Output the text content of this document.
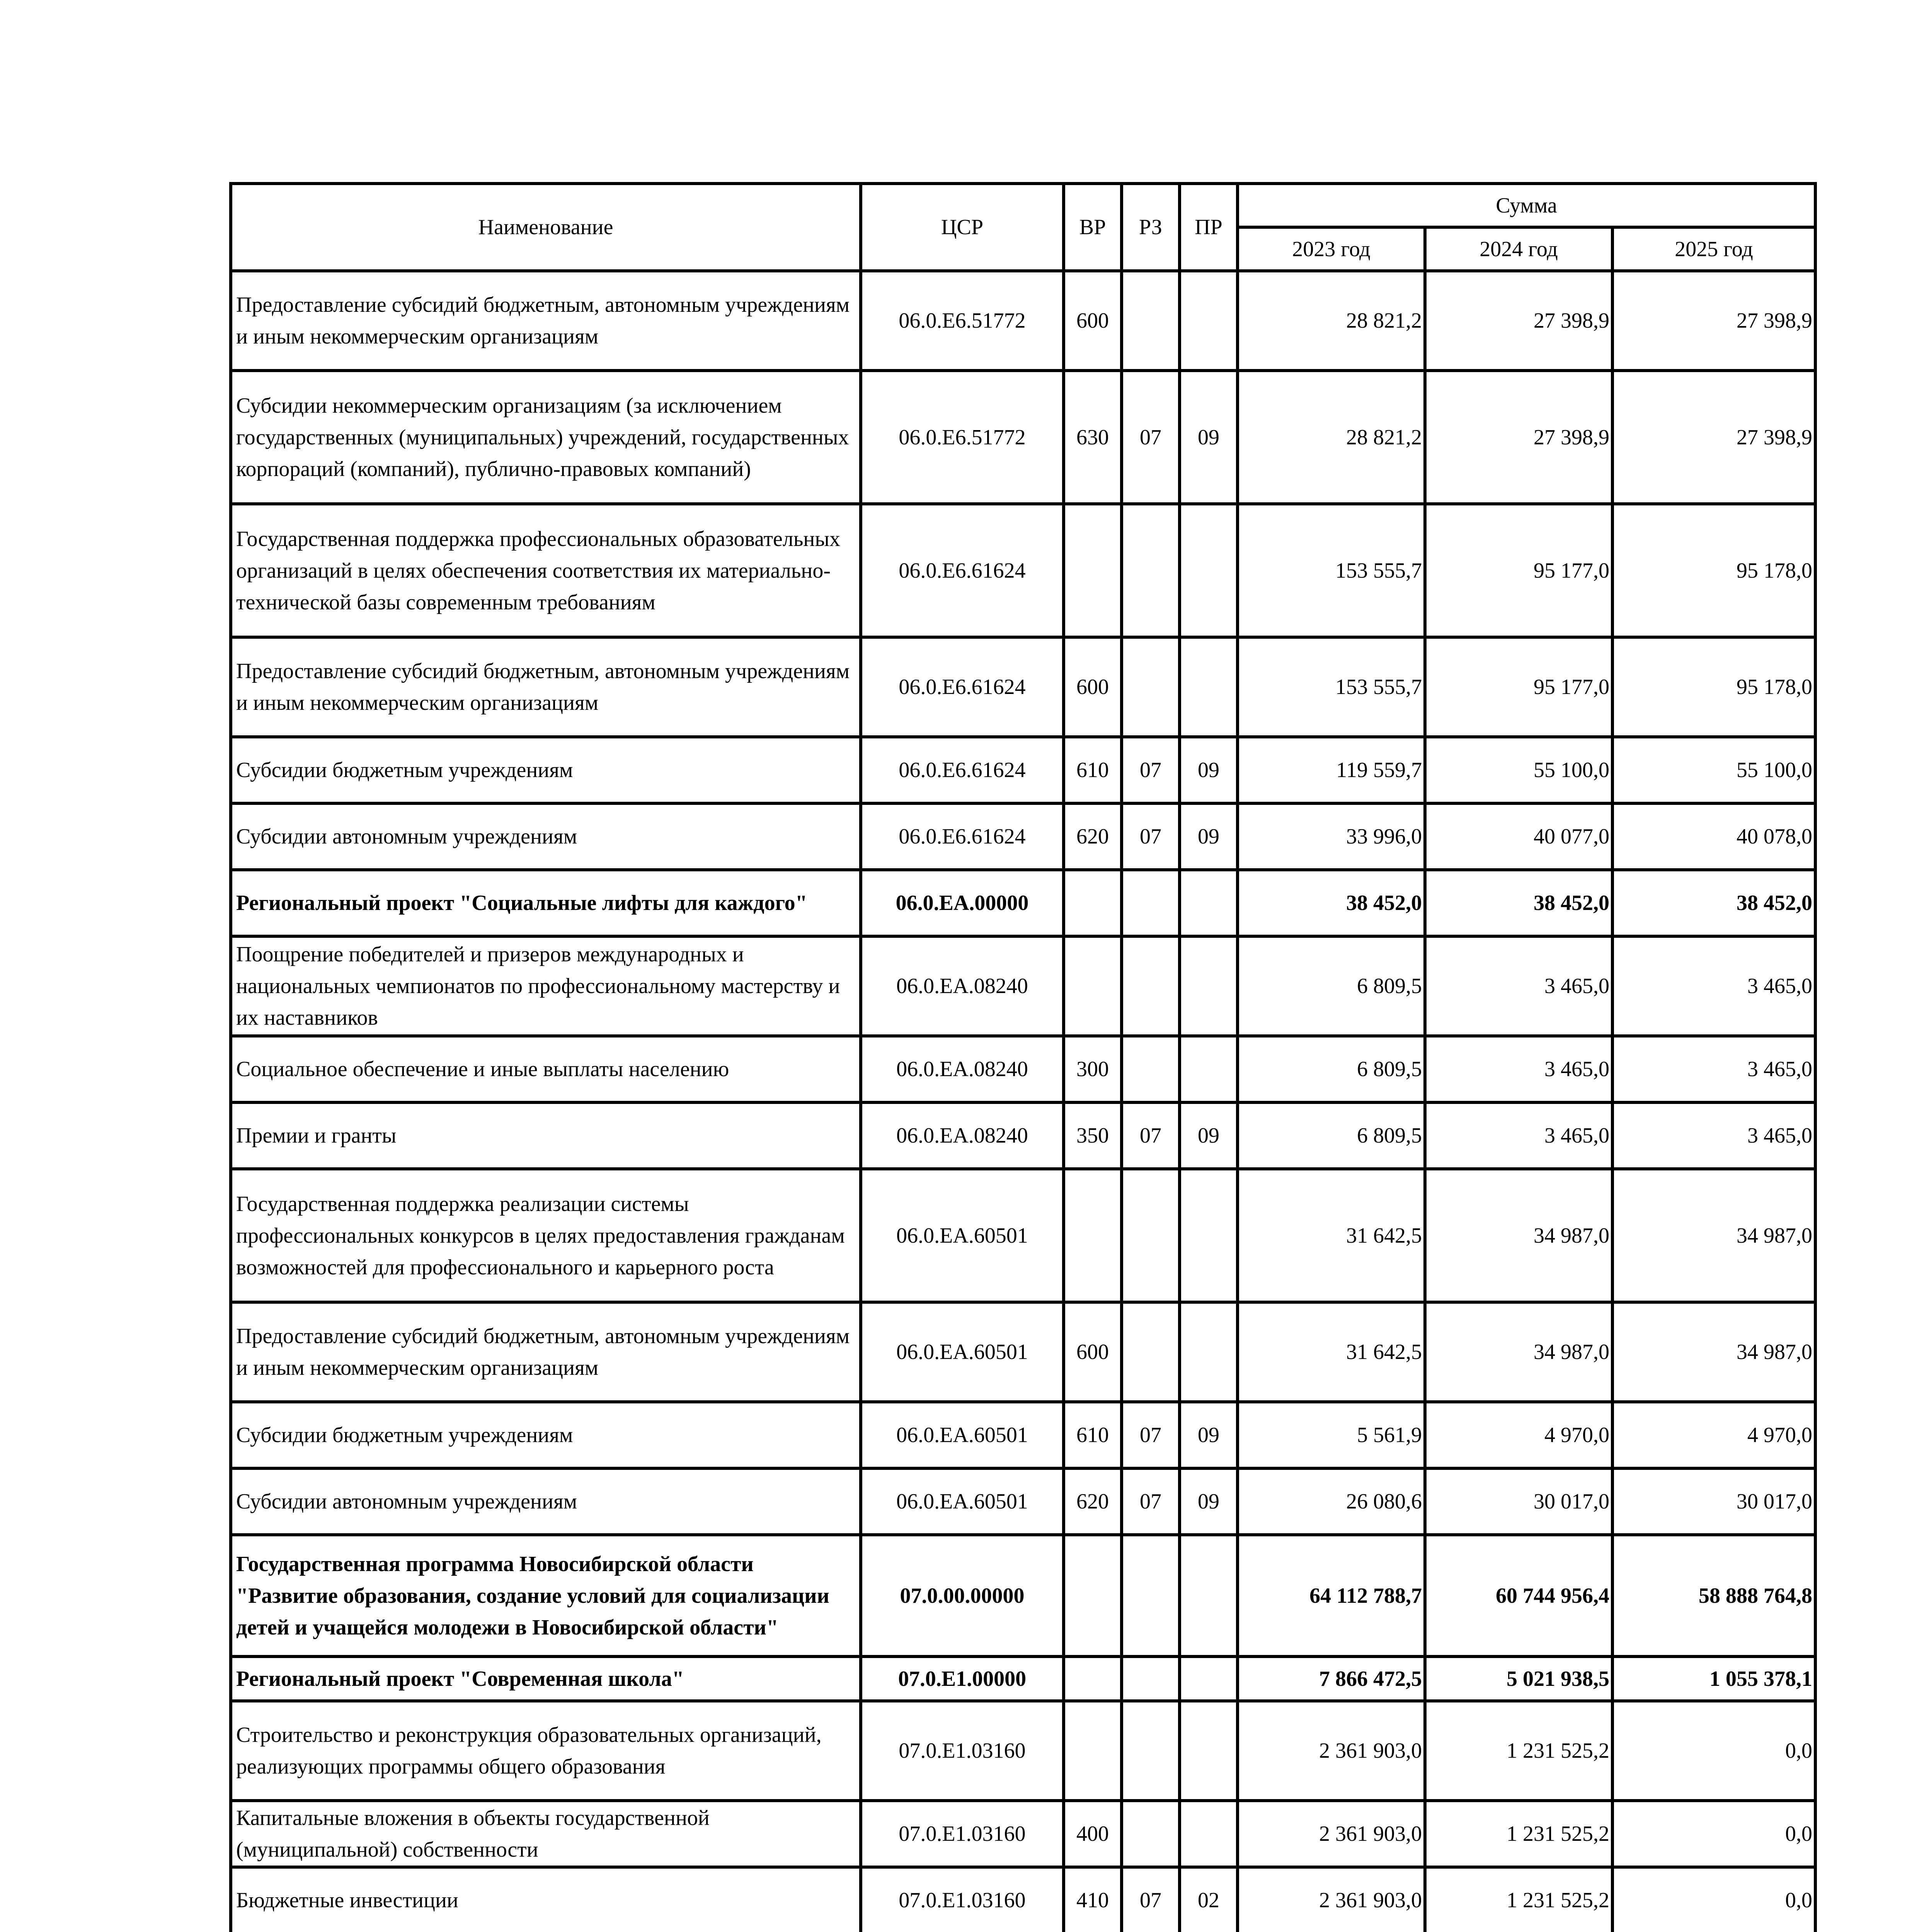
Наименование	ЦСР	ВР	РЗ	ПР	Сумма		
					2023 год	2024 год	2025 год
Предоставление субсидий бюджетным, автономным учреждениям и иным некоммерческим организациям	06.0.E6.51772	600			28 821,2	27 398,9	27 398,9
Субсидии некоммерческим организациям (за исключением государственных (муниципальных) учреждений, государственных корпораций (компаний), публично-правовых компаний)	06.0.E6.51772	630	07	09	28 821,2	27 398,9	27 398,9
Государственная поддержка профессиональных образовательных организаций в целях обеспечения соответствия их материально-технической базы современным требованиям	06.0.E6.61624				153 555,7	95 177,0	95 178,0
Предоставление субсидий бюджетным, автономным учреждениям и иным некоммерческим организациям	06.0.E6.61624	600			153 555,7	95 177,0	95 178,0
Субсидии бюджетным учреждениям	06.0.E6.61624	610	07	09	119 559,7	55 100,0	55 100,0
Субсидии автономным учреждениям	06.0.E6.61624	620	07	09	33 996,0	40 077,0	40 078,0
Региональный проект "Социальные лифты для каждого"	06.0.EA.00000				38 452,0	38 452,0	38 452,0
Поощрение победителей и призеров международных и национальных чемпионатов по профессиональному мастерству и их наставников	06.0.EA.08240				6 809,5	3 465,0	3 465,0
Социальное обеспечение и иные выплаты населению	06.0.EA.08240	300			6 809,5	3 465,0	3 465,0
Премии и гранты	06.0.EA.08240	350	07	09	6 809,5	3 465,0	3 465,0
Государственная поддержка реализации системы профессиональных конкурсов в целях предоставления гражданам возможностей для профессионального и карьерного роста	06.0.EA.60501				31 642,5	34 987,0	34 987,0
Предоставление субсидий бюджетным, автономным учреждениям и иным некоммерческим организациям	06.0.EA.60501	600			31 642,5	34 987,0	34 987,0
Субсидии бюджетным учреждениям	06.0.EA.60501	610	07	09	5 561,9	4 970,0	4 970,0
Субсидии автономным учреждениям	06.0.EA.60501	620	07	09	26 080,6	30 017,0	30 017,0
Государственная программа Новосибирской области "Развитие образования, создание условий для социализации детей и учащейся молодежи в Новосибирской области"	07.0.00.00000				64 112 788,7	60 744 956,4	58 888 764,8
Региональный проект "Современная школа"	07.0.E1.00000				7 866 472,5	5 021 938,5	1 055 378,1
Строительство и реконструкция образовательных организаций, реализующих программы общего образования	07.0.E1.03160				2 361 903,0	1 231 525,2	0,0
Капитальные вложения в объекты государственной (муниципальной) собственности	07.0.E1.03160	400			2 361 903,0	1 231 525,2	0,0
Бюджетные инвестиции	07.0.E1.03160	410	07	02	2 361 903,0	1 231 525,2	0,0
